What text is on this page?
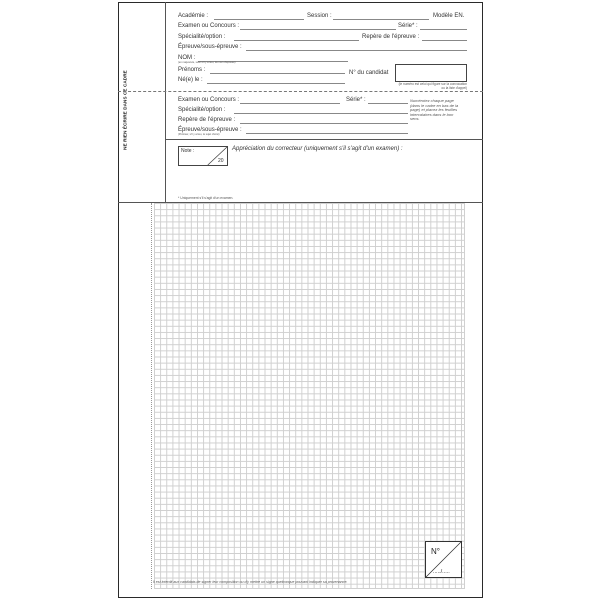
NE RIEN ÉCRIRE DANS CE CADRE
Académie :	Session :	Modèle EN.
Examen ou Concours :	Série* :
Spécialité/option :	Repère de l'épreuve :
Épreuve/sous-épreuve :
NOM :
(en majuscule, suivi s'il y a lieu, du nom d'épouse)
Prénoms :	N° du candidat
(le numéro est celui qui figure sur la convocation ou la liste d'appel)
Né(e) le :
Examen ou Concours :	Série* :
Spécialité/option :
Repère de l'épreuve :
Épreuve/sous-épreuve :
(Préciser, s'il y a lieu, le sujet choisi)
Numérotez chaque page (dans le cadre en bas de la page) et placez les feuilles intercalaires dans le bon sens.
Note :
20
Appréciation du correcteur (uniquement s'il s'agit d'un examen) :
* Uniquement s'il s'agit d'un examen.
N°
...../.....
Il est interdit aux candidats de signer leur composition ou d'y mettre un signe quelconque pouvant indiquer sa provenance.
